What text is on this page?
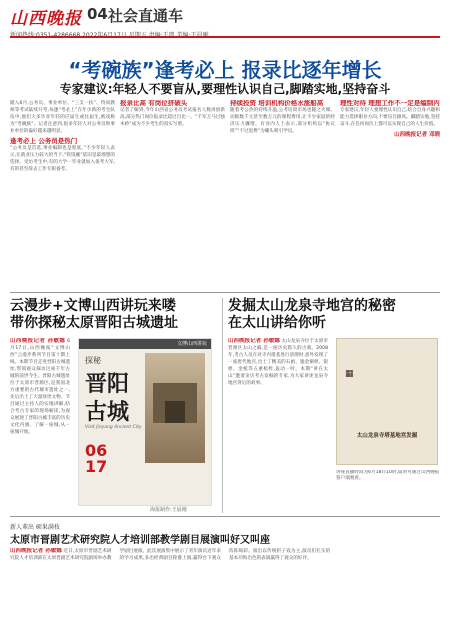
山西晚报 04 社会直通车
“考碗族”逢考必上 报录比逐年增长
专家建议:年轻人不要盲从,要理性认识自己,脚踏实地,坚持奋斗
踏入6月,公务员、事业单位、“三支一扶”、特岗教师等考试陆续开考,每逢“考必上”在年少新的考生队伍中,他们大多毕业年轻的应届生或往届生,被戏称为“考碗族”。记者注意到,很多年轻人对公务员和事业单位的偏好越来越明显。
逢考必上 公务员是热门
“公务员是首选,事业编制也是兜底。”不少年轻人表示,在就业压力较大的当下,“铁饭碗”依旧是最理想的选择。受访考生中,有的大学一毕业就加入备考大军,有的甚至辞去工作专职备考。
报录比高 有岗位挤破头
记者了解到,今年山西省公务员考试报名人数再创新高,部分热门岗位报录比超过百比一。“千军万马过独木桥”成为不少考生的真实写照。
持续投资 培训机构价格水涨船高
随着考公热的持续升温,公考培训市场也随之火爆。动辄数千元甚至数万元的课程费用,让不少家庭的经济压力骤增。有业内人士表示,部分机构以“协议班”“不过退费”为噱头吸引学员。
理性对待 理想工作不一定是编制内
专家建议,年轻人要理性认识自己,结合自身兴趣和能力选择职业方向,不要盲目跟风。脚踏实地,坚持奋斗,在任何岗位上都可以实现自己的人生价值。
山西晚报记者 邓晓
云漫步+文博山西讲玩来喽
带你探秘太原晋阳古城遗址
山西晚报记者 孙敏娜 6月17日,山西晚报“文博山西”云漫步系列节目第十期上线。本期节目走进晋阳古城遗址,带领观众探访这座千年古城的前世今生。晋阳古城遗址位于太原市晋源区,是我国北方重要的古代城市遗址之一,先后出土了大量珍贵文物。节目通过主持人的实地讲解,结合考古专家的现场解读,为观众展现了晋阳古城丰富的历史文化内涵。了解一座城,从一座城开始。
文博山西讲玩
探秘
晋阳
古城
Visit Jinyang Ancient City
06
17
海报制作:王晨刚
发掘太山龙泉寺地宫的秘密
在太山讲给你听
山西晚报记者 孙敏娜 太山龙泉寺位于太原市晋源区太山之巅,是一座历史悠久的古刹。2008年,考古人员在对寺内塔基进行清理时,意外发现了一座唐代地宫,出土了精美的石函、鎏金铜椁、银椁、金棺等五重棺椁,轰动一时。本期“讲在太山”邀请亲历考古发掘的专家,为大家讲述龙泉寺地宫背后的故事。
▦
太山龙泉寺塔基地宫发掘
讲座直播时间为6月18日10时,届时可通过山西晚报客户端观看。
新人辈出 硕果满枝
太原市晋剧艺术研究院人才培训部教学剧目展演叫好又叫座
山西晚报记者 孙敏娜 近日,太原市晋剧艺术研究院人才培训部在太原晋剧艺术研究院剧场举办教学剧目展演。此次展演集中展示了青年演员近年来的学习成果,多出经典剧目轮番上演,赢得台下观众阵阵喝彩。演出以传统折子戏为主,演员们扎实的基本功和出色的表演赢得了观众的好评。
